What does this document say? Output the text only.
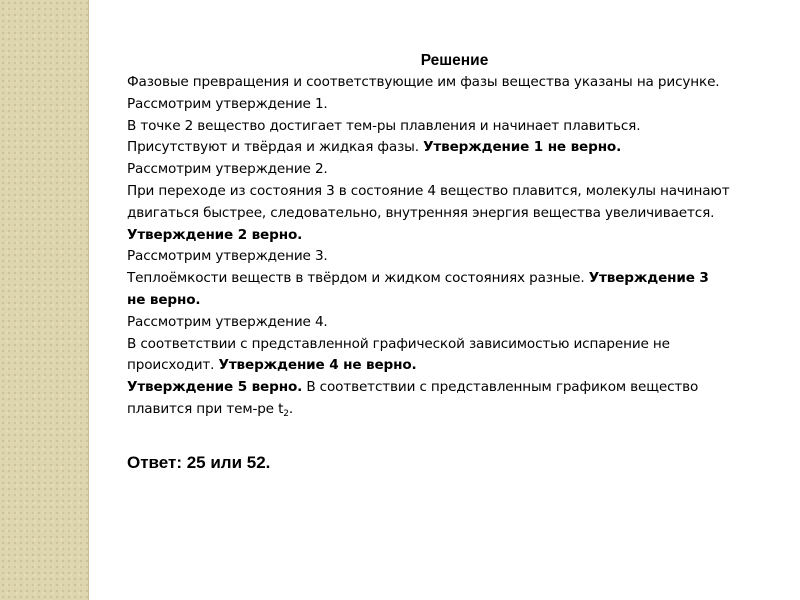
Решение
Фазовые превращения и соответствующие им фазы вещества указаны на рисунке.
Рассмотрим утверждение 1.
В точке 2 вещество достигает тем-ры плавления и начинает плавиться.
Присутствуют и твёрдая и жидкая фазы. Утверждение 1 не верно.
Рассмотрим утверждение 2.
При переходе из состояния 3 в состояние 4 вещество плавится, молекулы начинают
двигаться быстрее, следовательно, внутренняя энергия вещества увеличивается.
Утверждение 2 верно.
Рассмотрим утверждение 3.
Теплоёмкости веществ в твёрдом и жидком состояниях разные. Утверждение 3
не верно.
Рассмотрим утверждение 4.
В соответствии с представленной графической зависимостью испарение не
происходит. Утверждение 4 не верно.
Утверждение 5 верно. В соответствии с представленным графиком вещество
плавится при тем-ре $t_2$.
Ответ: 25 или 52.
